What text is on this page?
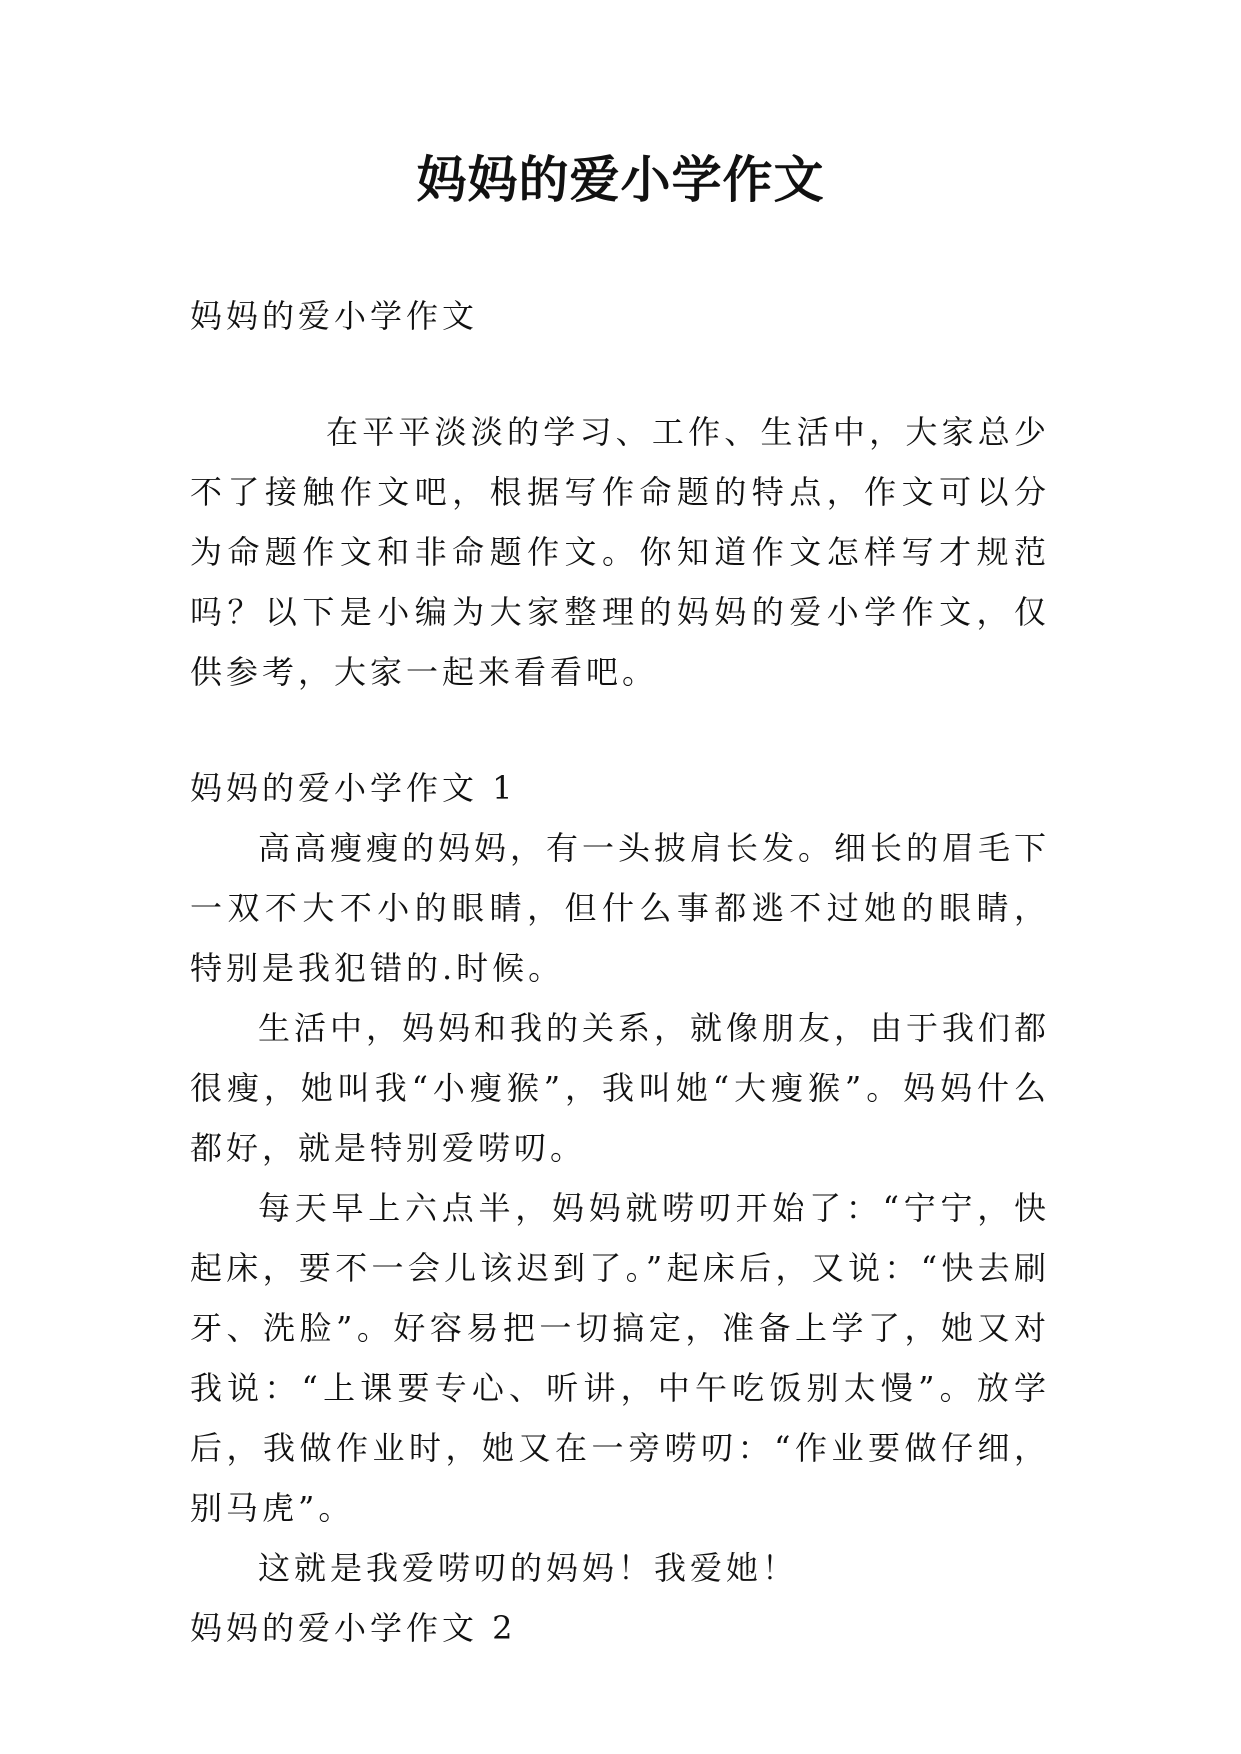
妈妈的爱小学作文

妈妈的爱小学作文

在平平淡淡的学习、工作、生活中，大家总少不了接触作文吧，根据写作命题的特点，作文可以分为命题作文和非命题作文。你知道作文怎样写才规范吗？以下是小编为大家整理的妈妈的爱小学作文，仅供参考，大家一起来看看吧。

妈妈的爱小学作文 1

高高瘦瘦的妈妈，有一头披肩长发。细长的眉毛下一双不大不小的眼睛，但什么事都逃不过她的眼睛，特别是我犯错的.时候。

生活中，妈妈和我的关系，就像朋友，由于我们都很瘦，她叫我“小瘦猴”，我叫她“大瘦猴”。妈妈什么都好，就是特别爱唠叨。

每天早上六点半，妈妈就唠叨开始了：“宁宁，快起床，要不一会儿该迟到了。”起床后，又说：“快去刷牙、洗脸”。好容易把一切搞定，准备上学了，她又对我说：“上课要专心、听讲，中午吃饭别太慢”。放学后，我做作业时，她又在一旁唠叨：“作业要做仔细，别马虎”。

这就是我爱唠叨的妈妈！我爱她！

妈妈的爱小学作文 2
